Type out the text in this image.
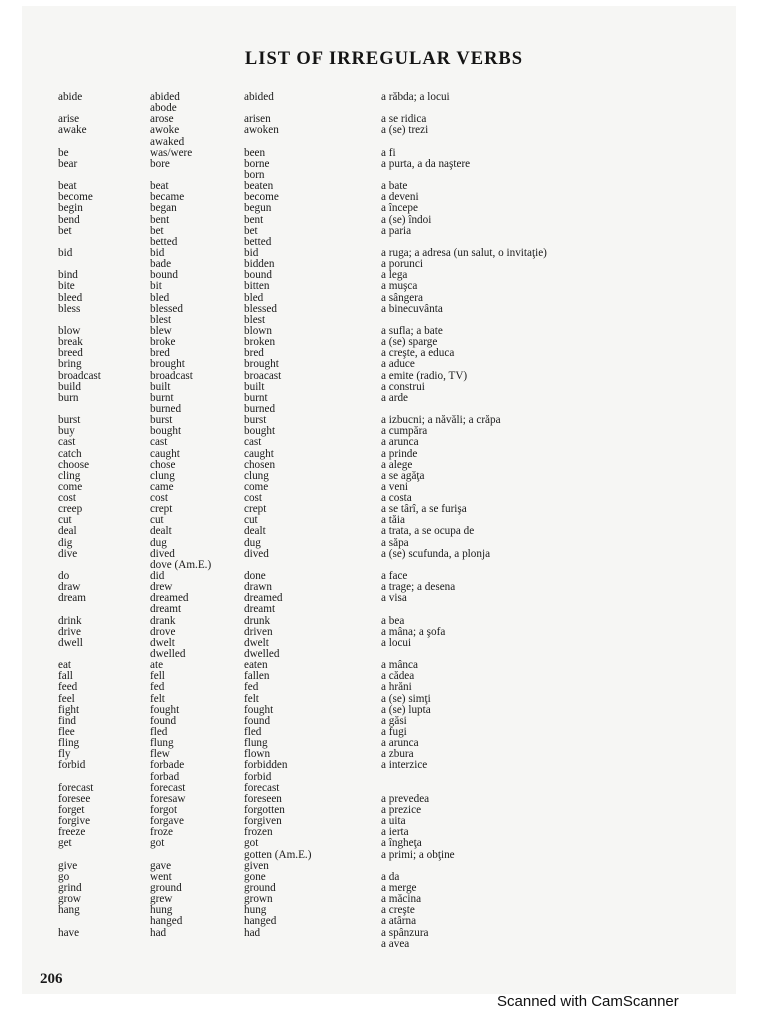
LIST OF IRREGULAR VERBS
abide
arise
awake
be
bear
beat
become
begin
bend
bet
bid
bind
bite
bleed
bless
blow
break
breed
bring
broadcast
build
burn
burst
buy
cast
catch
choose
cling
come
cost
creep
cut
deal
dig
dive
do
draw
dream
drink
drive
dwell
eat
fall
feed
feel
fight
find
flee
fling
fly
forbid
forecast
foresee
forget
forgive
freeze
get
give
go
grind
grow
hang
have
abided
abode
arose
awoke
awaked
was/were
bore
beat
became
began
bent
bet
betted
bid
bade
bound
bit
bled
blessed
blest
blew
broke
bred
brought
broadcast
built
burnt
burned
burst
bought
cast
caught
chose
clung
came
cost
crept
cut
dealt
dug
dived
dove (Am.E.)
did
drew
dreamed
dreamt
drank
drove
dwelt
dwelled
ate
fell
fed
felt
fought
found
fled
flung
flew
forbade
forbad
forecast
foresaw
forgot
forgave
froze
got
gave
went
ground
grew
hung
hanged
had
abided
arisen
awoken
been
borne
born
beaten
become
begun
bent
bet
betted
bid
bidden
bound
bitten
bled
blessed
blest
blown
broken
bred
brought
broacast
built
burnt
burned
burst
bought
cast
caught
chosen
clung
come
cost
crept
cut
dealt
dug
dived
done
drawn
dreamed
dreamt
drunk
driven
dwelt
dwelled
eaten
fallen
fed
felt
fought
found
fled
flung
flown
forbidden
forbid
forecast
foreseen
forgotten
forgiven
frozen
got
gotten (Am.E.)
given
gone
ground
grown
hung
hanged
had
a răbda; a locui
a se ridica
a (se) trezi
a fi
a purta, a da naştere
a bate
a deveni
a începe
a (se) îndoi
a paria
a ruga; a adresa (un salut, o invitaţie)
a porunci
a lega
a muşca
a sângera
a binecuvânta
a sufla; a bate
a (se) sparge
a creşte, a educa
a aduce
a emite (radio, TV)
a construi
a arde
a izbucni; a năvăli; a crăpa
a cumpăra
a arunca
a prinde
a alege
a se agăţa
a veni
a costa
a se târî, a se furişa
a tăia
a trata, a se ocupa de
a săpa
a (se) scufunda, a plonja
a face
a trage; a desena
a visa
a bea
a mâna; a şofa
a locui
a mânca
a cădea
a hrăni
a (se) simţi
a (se) lupta
a găsi
a fugi
a arunca
a zbura
a interzice
a prevedea
a prezice
a uita
a ierta
a îngheţa
a primi; a obţine
a da
a merge
a măcina
a creşte
a atârna
a spânzura
a avea
206
Scanned with CamScanner
